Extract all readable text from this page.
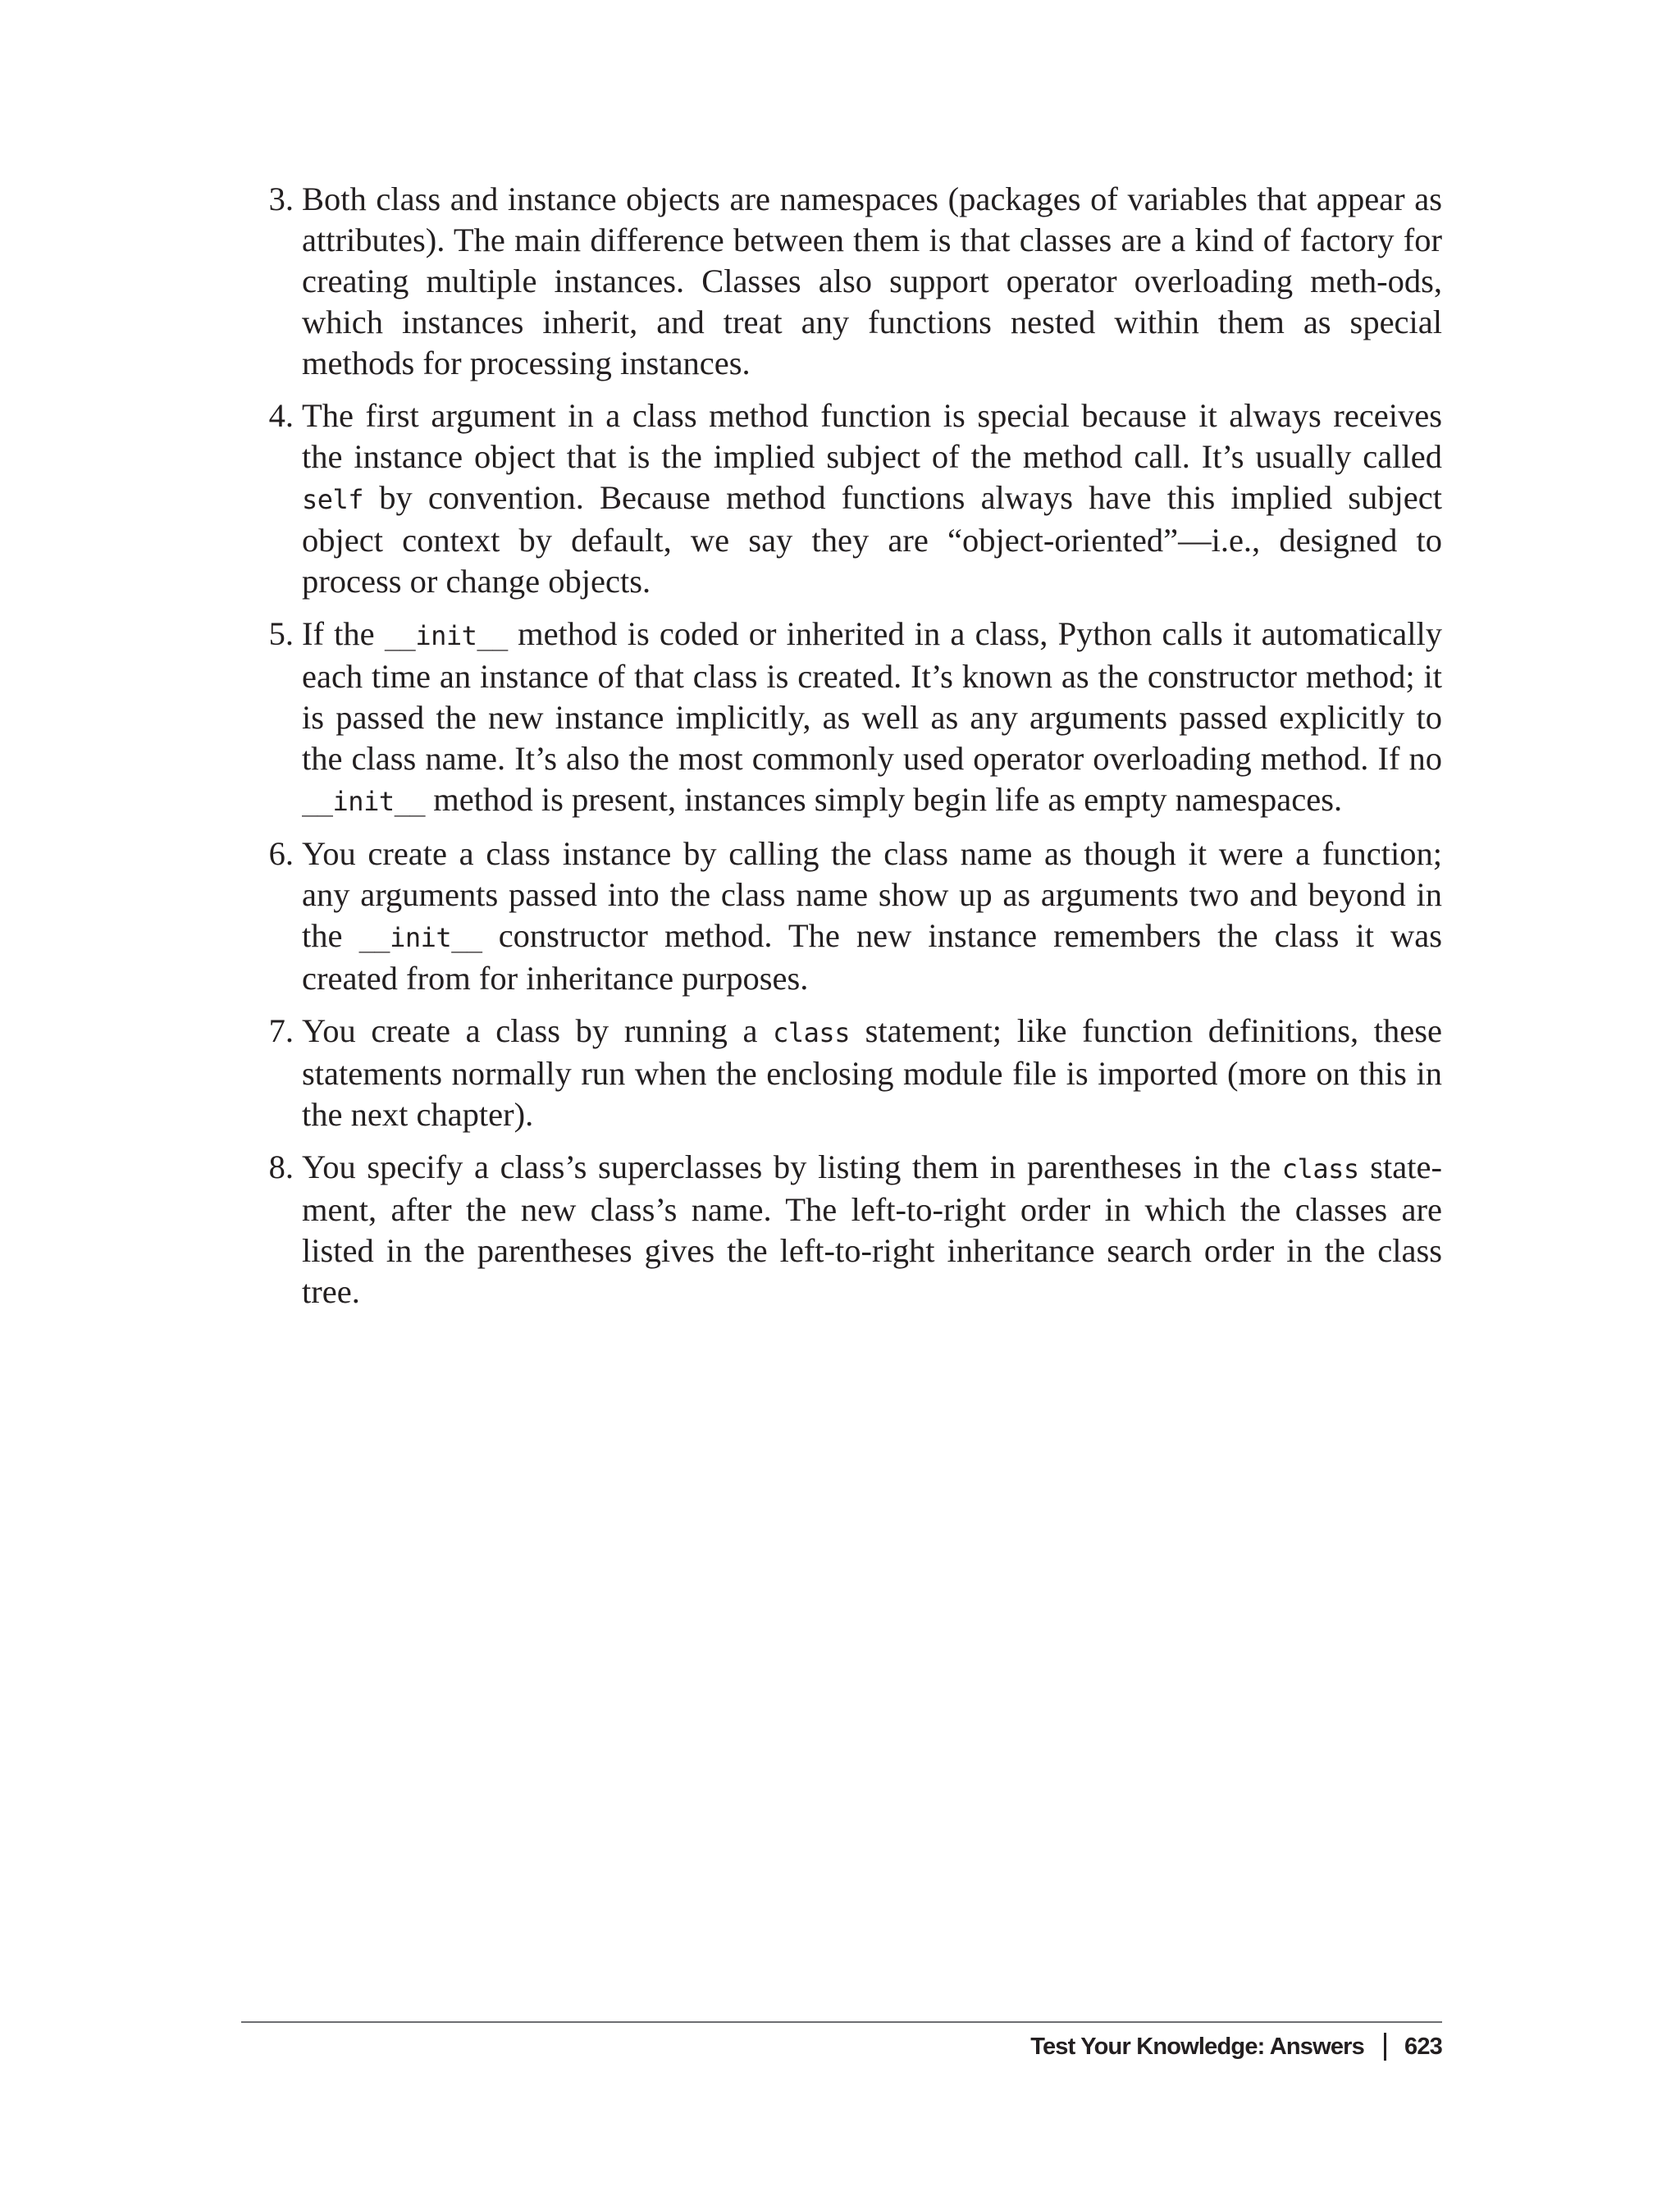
3. Both class and instance objects are namespaces (packages of variables that appear as attributes). The main difference between them is that classes are a kind of factory for creating multiple instances. Classes also support operator overloading meth-ods, which instances inherit, and treat any functions nested within them as special methods for processing instances.
4. The first argument in a class method function is special because it always receives the instance object that is the implied subject of the method call. It’s usually called self by convention. Because method functions always have this implied subject object context by default, we say they are “object-oriented”—i.e., designed to process or change objects.
5. If the __init__ method is coded or inherited in a class, Python calls it automatically each time an instance of that class is created. It’s known as the constructor method; it is passed the new instance implicitly, as well as any arguments passed explicitly to the class name. It’s also the most commonly used operator overloading method. If no __init__ method is present, instances simply begin life as empty namespaces.
6. You create a class instance by calling the class name as though it were a function; any arguments passed into the class name show up as arguments two and beyond in the __init__ constructor method. The new instance remembers the class it was created from for inheritance purposes.
7. You create a class by running a class statement; like function definitions, these statements normally run when the enclosing module file is imported (more on this in the next chapter).
8. You specify a class’s superclasses by listing them in parentheses in the class state-ment, after the new class’s name. The left-to-right order in which the classes are listed in the parentheses gives the left-to-right inheritance search order in the class tree.
Test Your Knowledge: Answers 623
